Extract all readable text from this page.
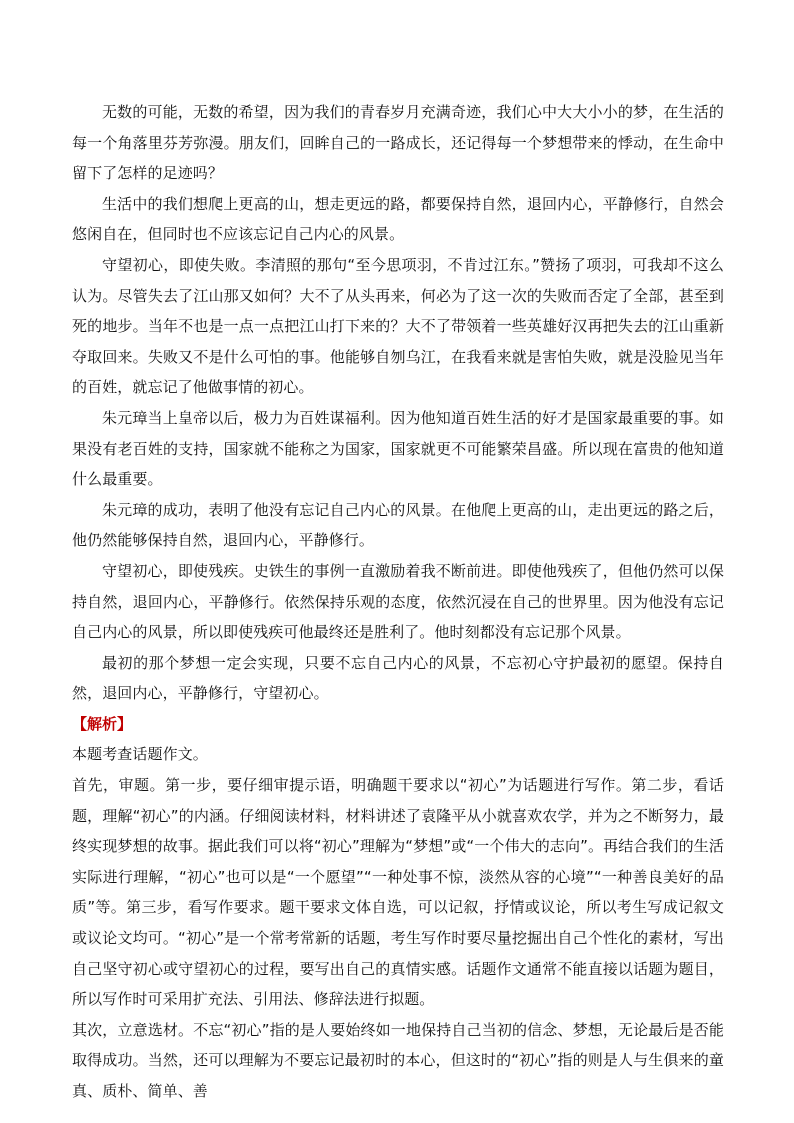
无数的可能，无数的希望，因为我们的青春岁月充满奇迹，我们心中大大小小的梦，在生活的每一个角落里芬芳弥漫。朋友们，回眸自己的一路成长，还记得每一个梦想带来的悸动，在生命中留下了怎样的足迹吗？

生活中的我们想爬上更高的山，想走更远的路，都要保持自然，退回内心，平静修行，自然会悠闲自在，但同时也不应该忘记自己内心的风景。

守望初心，即使失败。李清照的那句“至今思项羽，不肯过江东。”赞扬了项羽，可我却不这么认为。尽管失去了江山那又如何？大不了从头再来，何必为了这一次的失败而否定了全部，甚至到死的地步。当年不也是一点一点把江山打下来的？大不了带领着一些英雄好汉再把失去的江山重新夺取回来。失败又不是什么可怕的事。他能够自刎乌江，在我看来就是害怕失败，就是没脸见当年的百姓，就忘记了他做事情的初心。

朱元璋当上皇帝以后，极力为百姓谋福利。因为他知道百姓生活的好才是国家最重要的事。如果没有老百姓的支持，国家就不能称之为国家，国家就更不可能繁荣昌盛。所以现在富贵的他知道什么最重要。

朱元璋的成功，表明了他没有忘记自己内心的风景。在他爬上更高的山，走出更远的路之后，他仍然能够保持自然，退回内心，平静修行。

守望初心，即使残疾。史铁生的事例一直激励着我不断前进。即使他残疾了，但他仍然可以保持自然，退回内心，平静修行。依然保持乐观的态度，依然沉浸在自己的世界里。因为他没有忘记自己内心的风景，所以即使残疾可他最终还是胜利了。他时刻都没有忘记那个风景。

最初的那个梦想一定会实现，只要不忘自己内心的风景，不忘初心守护最初的愿望。保持自然，退回内心，平静修行，守望初心。

【解析】

本题考查话题作文。

首先，审题。第一步，要仔细审提示语，明确题干要求以“初心”为话题进行写作。第二步，看话题，理解“初心”的内涵。仔细阅读材料，材料讲述了袁隆平从小就喜欢农学，并为之不断努力，最终实现梦想的故事。据此我们可以将“初心”理解为“梦想”或“一个伟大的志向”。再结合我们的生活实际进行理解，“初心”也可以是“一个愿望”“一种处事不惊，淡然从容的心境”“一种善良美好的品质”等。第三步，看写作要求。题干要求文体自选，可以记叙，抒情或议论，所以考生写成记叙文或议论文均可。“初心”是一个常考常新的话题，考生写作时要尽量挖掘出自己个性化的素材，写出自己坚守初心或守望初心的过程，要写出自己的真情实感。话题作文通常不能直接以话题为题目，所以写作时可采用扩充法、引用法、修辞法进行拟题。

其次，立意选材。不忘“初心”指的是人要始终如一地保持自己当初的信念、梦想，无论最后是否能取得成功。当然，还可以理解为不要忘记最初时的本心，但这时的“初心”指的则是人与生俱来的童真、质朴、简单、善
